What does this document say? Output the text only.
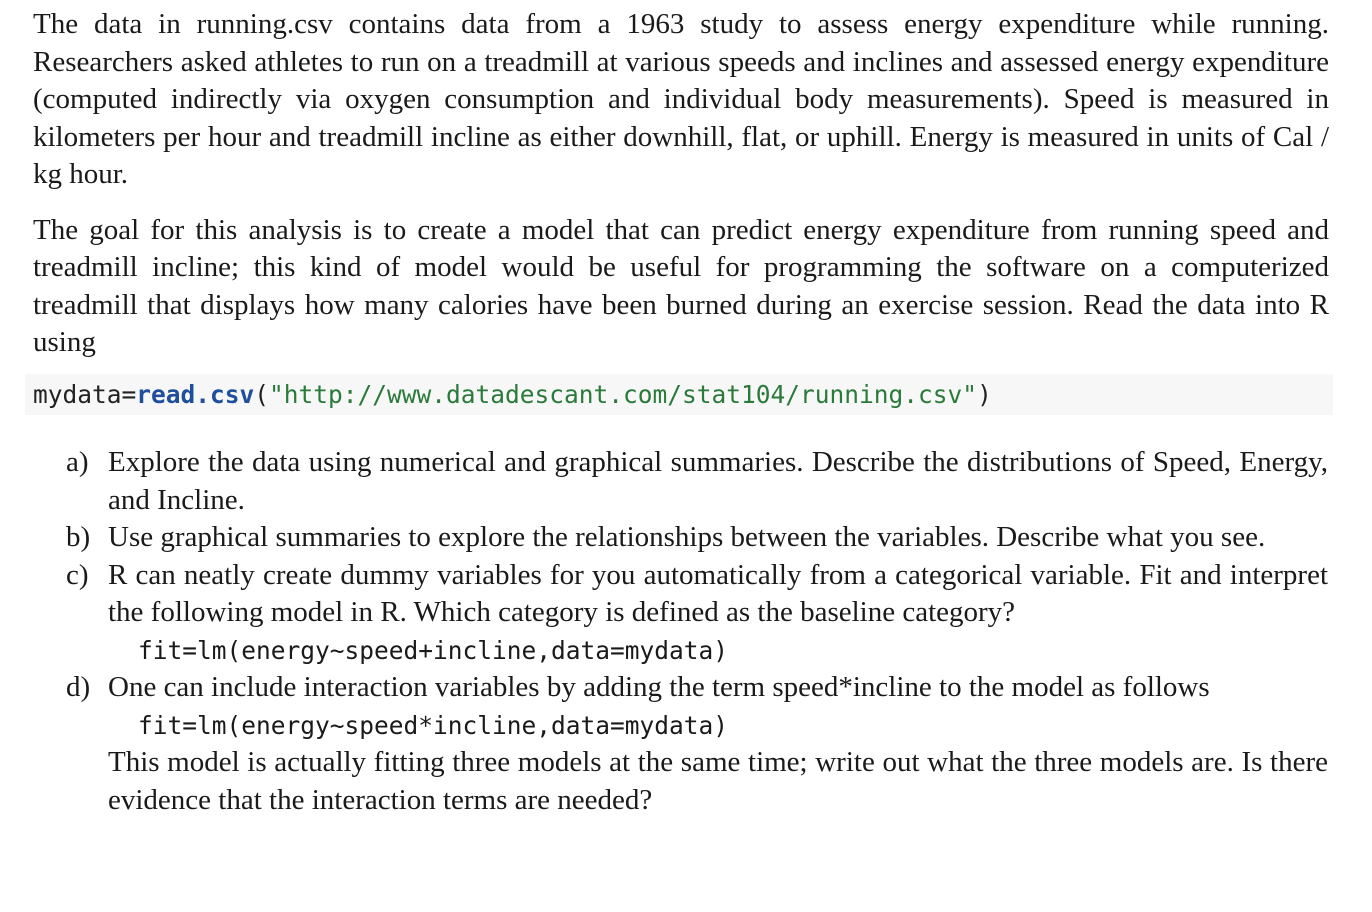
The data in running.csv contains data from a 1963 study to assess energy expenditure while running. Researchers asked athletes to run on a treadmill at various speeds and inclines and assessed energy expenditure (computed indirectly via oxygen consumption and individual body measurements). Speed is measured in kilometers per hour and treadmill incline as either downhill, flat, or uphill. Energy is measured in units of Cal / kg hour.

The goal for this analysis is to create a model that can predict energy expenditure from running speed and treadmill incline; this kind of model would be useful for programming the software on a computerized treadmill that displays how many calories have been burned during an exercise session. Read the data into R using

mydata=read.csv("http://www.datadescant.com/stat104/running.csv")
a) Explore the data using numerical and graphical summaries. Describe the distributions of Speed, Energy, and Incline.
b) Use graphical summaries to explore the relationships between the variables. Describe what you see.
c) R can neatly create dummy variables for you automatically from a categorical variable. Fit and interpret the following model in R. Which category is defined as the baseline category?
fit=lm(energy~speed+incline,data=mydata)
d) One can include interaction variables by adding the term speed*incline to the model as follows
fit=lm(energy~speed*incline,data=mydata)
This model is actually fitting three models at the same time; write out what the three models are. Is there evidence that the interaction terms are needed?
